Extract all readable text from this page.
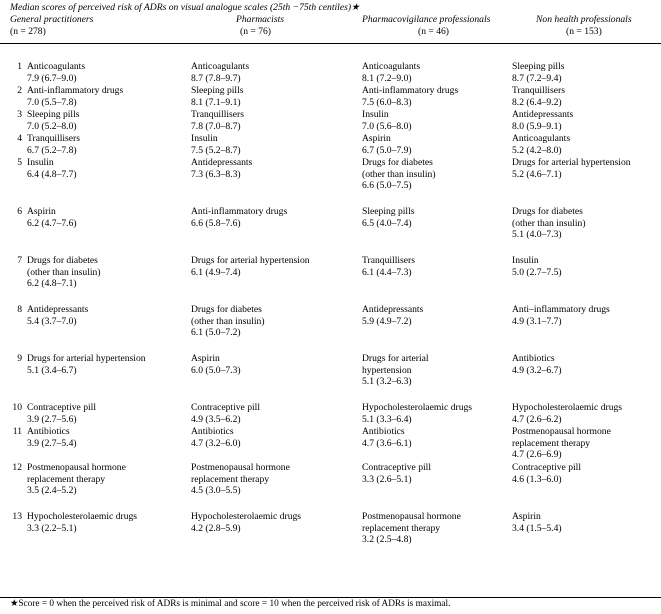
Median scores of perceived risk of ADRs on visual analogue scales (25th −75th centiles)★
General practitioners
(n = 278)
Pharmacists
(n = 76)
Pharmacovigilance professionals
(n = 46)
Non health professionals
(n = 153)
1 Anticoagulants
7.9 (6.7–9.0)
Anticoagulants
8.7 (7.8–9.7)
Anticoagulants
8.1 (7.2–9.0)
Sleeping pills
8.7 (7.2–9.4)
2 Anti-inflammatory drugs
7.0 (5.5–7.8)
Sleeping pills
8.1 (7.1–9.1)
Anti-inflammatory drugs
7.5 (6.0–8.3)
Tranquillisers
8.2 (6.4–9.2)
3 Sleeping pills
7.0 (5.2–8.0)
Tranquillisers
7.8 (7.0–8.7)
Insulin
7.0 (5.6–8.0)
Antidepressants
8.0 (5.9–9.1)
4 Tranquillisers
6.7 (5.2–7.8)
Insulin
7.5 (5.2–8.7)
Aspirin
6.7 (5.0–7.9)
Anticoagulants
5.2 (4.2–8.0)
5 Insulin
6.4 (4.8–7.7)
Antidepressants
7.3 (6.3–8.3)
Drugs for diabetes
(other than insulin)
6.6 (5.0–7.5)
Drugs for arterial hypertension
5.2 (4.6–7.1)
6 Aspirin
6.2 (4.7–7.6)
Anti-inflammatory drugs
6.6 (5.8–7.6)
Sleeping pills
6.5 (4.0–7.4)
Drugs for diabetes
(other than insulin)
5.1 (4.0–7.3)
7 Drugs for diabetes
(other than insulin)
6.2 (4.8–7.1)
Drugs for arterial hypertension
6.1 (4.9–7.4)
Tranquillisers
6.1 (4.4–7.3)
Insulin
5.0 (2.7–7.5)
8 Antidepressants
5.4 (3.7–7.0)
Drugs for diabetes
(other than insulin)
6.1 (5.0–7.2)
Antidepressants
5.9 (4.9–7.2)
Anti–inflammatory drugs
4.9 (3.1–7.7)
9 Drugs for arterial hypertension
5.1 (3.4–6.7)
Aspirin
6.0 (5.0–7.3)
Drugs for arterial
hypertension
5.1 (3.2–6.3)
Antibiotics
4.9 (3.2–6.7)
10 Contraceptive pill
3.9 (2.7–5.6)
Contraceptive pill
4.9 (3.5–6.2)
Hypocholesterolaemic drugs
5.1 (3.3–6.4)
Hypocholesterolaemic drugs
4.7 (2.6–6.2)
11 Antibiotics
3.9 (2.7–5.4)
Antibiotics
4.7 (3.2–6.0)
Antibiotics
4.7 (3.6–6.1)
Postmenopausal hormone
replacement therapy
4.7 (2.6–6.9)
12 Postmenopausal hormone
replacement therapy
3.5 (2.4–5.2)
Postmenopausal hormone
replacement therapy
4.5 (3.0–5.5)
Contraceptive pill
3.3 (2.6–5.1)
Contraceptive pill
4.6 (1.3–6.0)
13 Hypocholesterolaemic drugs
3.3 (2.2–5.1)
Hypocholesterolaemic drugs
4.2 (2.8–5.9)
Postmenopausal hormone
replacement therapy
3.2 (2.5–4.8)
Aspirin
3.4 (1.5–5.4)
★Score = 0 when the perceived risk of ADRs is minimal and score = 10 when the perceived risk of ADRs is maximal.
